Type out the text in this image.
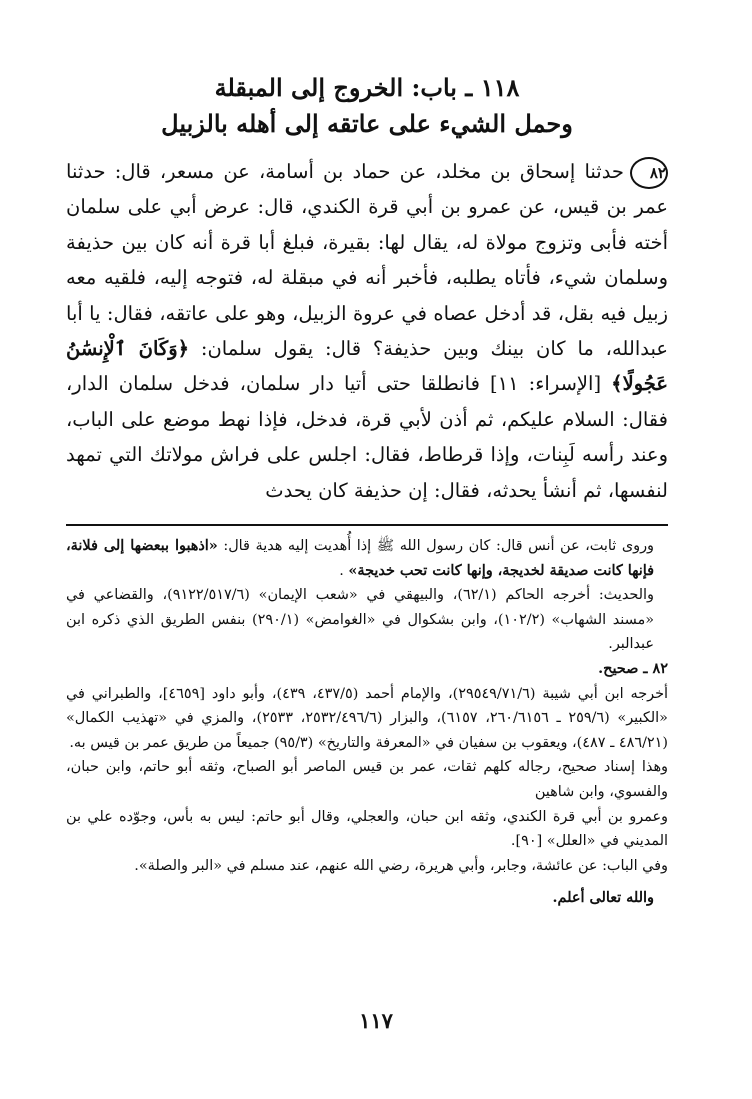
١١٨ ـ باب: الخروج إلى المبقلة
وحمل الشيء على عاتقه إلى أهله بالزبيل
٨٢حدثنا إسحاق بن مخلد، عن حماد بن أسامة، عن مسعر، قال: حدثنا عمر بن قيس، عن عمرو بن أبي قرة الكندي، قال: عرض أبي على سلمان أخته فأبى وتزوج مولاة له، يقال لها: بقيرة، فبلغ أبا قرة أنه كان بين حذيفة وسلمان شيء، فأتاه يطلبه، فأخبر أنه في مبقلة له، فتوجه إليه، فلقيه معه زبيل فيه بقل، قد أدخل عصاه في عروة الزبيل، وهو على عاتقه، فقال: يا أبا عبدالله، ما كان بينك وبين حذيفة؟ قال: يقول سلمان: ﴿وَكَانَ ٱلْإِنسَٰنُ عَجُولًا﴾ [الإسراء: ١١] فانطلقا حتى أتيا دار سلمان، فدخل سلمان الدار، فقال: السلام عليكم، ثم أذن لأبي قرة، فدخل، فإذا نهط موضع على الباب، وعند رأسه لَبِنات، وإذا قرطاط، فقال: اجلس على فراش مولاتك التي تمهد لنفسها، ثم أنشأ يحدثه، فقال: إن حذيفة كان يحدث

وروى ثابت، عن أنس قال: كان رسول الله ﷺ إذا أُهديت إليه هدية قال: «اذهبوا ببعضها إلى فلانة، فإنها كانت صديقة لخديجة، وإنها كانت تحب خديجة» .

والحديث: أخرجه الحاكم (٦٢/١)، والبيهقي في «شعب الإيمان» (٩١٢٢/٥١٧/٦)، والقضاعي في «مسند الشهاب» (١٠٢/٢)، وابن بشكوال في «الغوامض» (٢٩٠/١) بنفس الطريق الذي ذكره ابن عبدالبر.

٨٢ ـ صحيح.

أخرجه ابن أبي شيبة (٢٩٥٤٩/٧١/٦)، والإمام أحمد (٤٣٧/٥، ٤٣٩)، وأبو داود [٤٦٥٩]، والطبراني في «الكبير» (٢٥٩/٦ ـ ٢٦٠/٦١٥٦، ٦١٥٧)، والبزار (٢٥٣٢/٤٩٦/٦، ٢٥٣٣)، والمزي في «تهذيب الكمال» (٤٨٦/٢١ ـ ٤٨٧)، ويعقوب بن سفيان في «المعرفة والتاريخ» (٩٥/٣) جميعاً من طريق عمر بن قيس به.

وهذا إسناد صحيح، رجاله كلهم ثقات، عمر بن قيس الماصر أبو الصباح، وثقه أبو حاتم، وابن حبان، والفسوي، وابن شاهين

وعمرو بن أبي قرة الكندي، وثقه ابن حبان، والعجلي، وقال أبو حاتم: ليس به بأس، وجوّده علي بن المديني في «العلل» [٩٠].

وفي الباب: عن عائشة، وجابر، وأبي هريرة، رضي الله عنهم، عند مسلم في «البر والصلة».

والله تعالى أعلم.

١١٧
